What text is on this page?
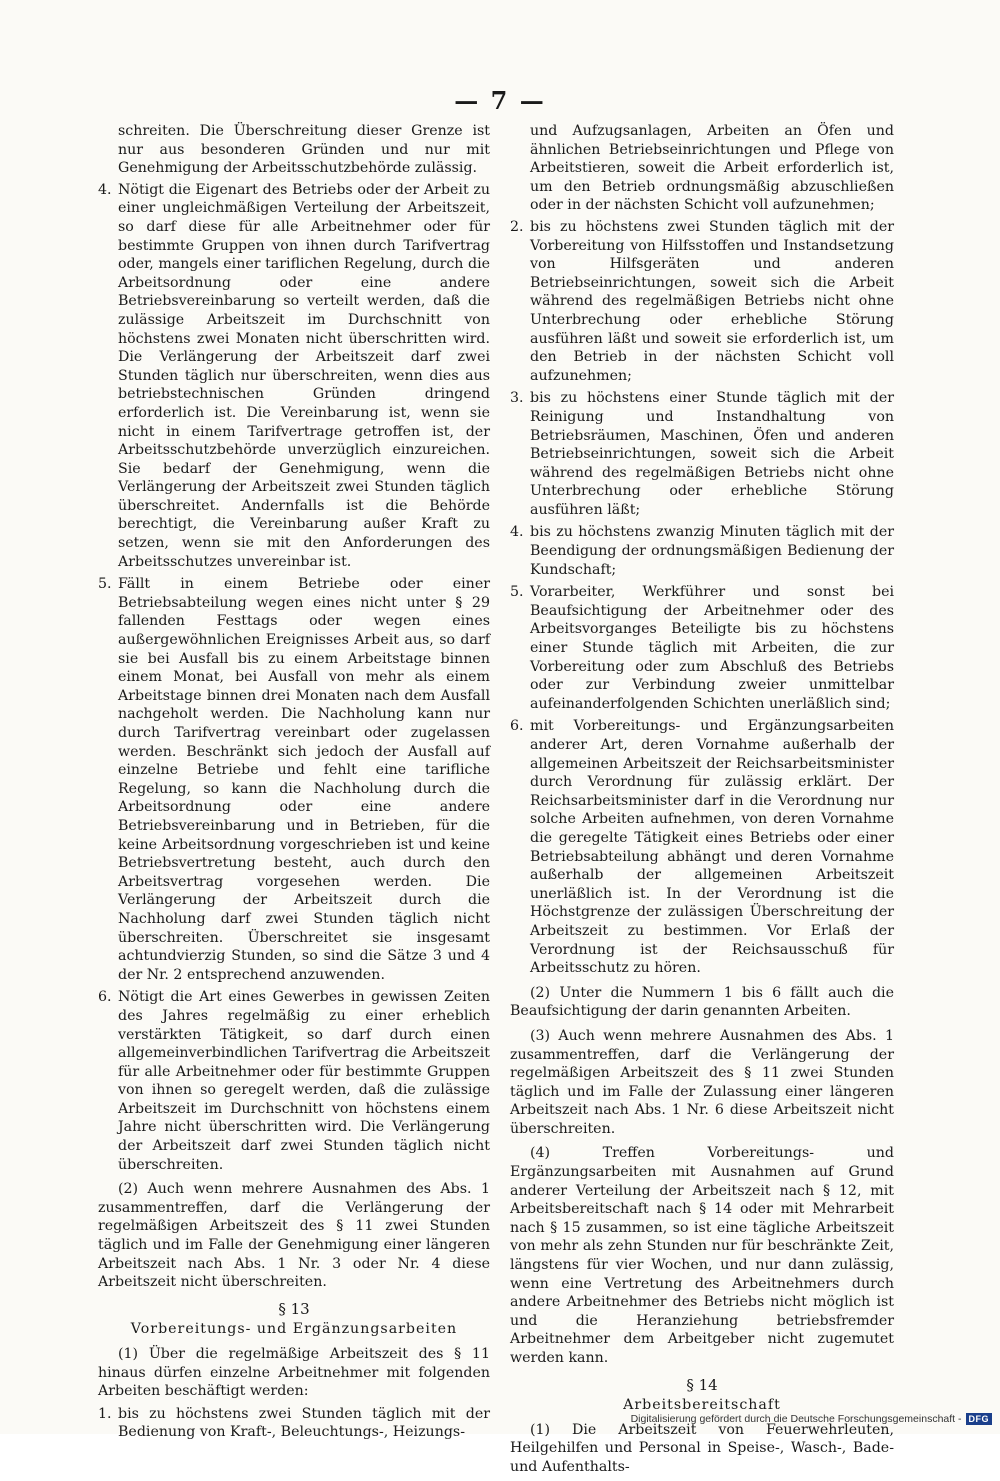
— 7 —

schreiten. Die Überschreitung dieser Grenze ist nur aus besonderen Gründen und nur mit Genehmigung der Arbeitsschutzbehörde zulässig.

4. Nötigt die Eigenart des Betriebs oder der Arbeit zu einer ungleichmäßigen Verteilung der Arbeitszeit, so darf diese für alle Arbeitnehmer oder für bestimmte Gruppen von ihnen durch Tarifvertrag oder, mangels einer tariflichen Regelung, durch die Arbeitsordnung oder eine andere Betriebsvereinbarung so verteilt werden, daß die zulässige Arbeitszeit im Durchschnitt von höchstens zwei Monaten nicht überschritten wird. Die Verlängerung der Arbeitszeit darf zwei Stunden täglich nur überschreiten, wenn dies aus betriebstechnischen Gründen dringend erforderlich ist. Die Vereinbarung ist, wenn sie nicht in einem Tarifvertrage getroffen ist, der Arbeitsschutzbehörde unverzüglich einzureichen. Sie bedarf der Genehmigung, wenn die Verlängerung der Arbeitszeit zwei Stunden täglich überschreitet. Andernfalls ist die Behörde berechtigt, die Vereinbarung außer Kraft zu setzen, wenn sie mit den Anforderungen des Arbeitsschutzes unvereinbar ist.
5. Fällt in einem Betriebe oder einer Betriebsabteilung wegen eines nicht unter § 29 fallenden Festtags oder wegen eines außergewöhnlichen Ereignisses Arbeit aus, so darf sie bei Ausfall bis zu einem Arbeitstage binnen einem Monat, bei Ausfall von mehr als einem Arbeitstage binnen drei Monaten nach dem Ausfall nachgeholt werden. Die Nachholung kann nur durch Tarifvertrag vereinbart oder zugelassen werden. Beschränkt sich jedoch der Ausfall auf einzelne Betriebe und fehlt eine tarifliche Regelung, so kann die Nachholung durch die Arbeitsordnung oder eine andere Betriebsvereinbarung und in Betrieben, für die keine Arbeitsordnung vorgeschrieben ist und keine Betriebsvertretung besteht, auch durch den Arbeitsvertrag vorgesehen werden. Die Verlängerung der Arbeitszeit durch die Nachholung darf zwei Stunden täglich nicht überschreiten. Überschreitet sie insgesamt achtundvierzig Stunden, so sind die Sätze 3 und 4 der Nr. 2 entsprechend anzuwenden.
6. Nötigt die Art eines Gewerbes in gewissen Zeiten des Jahres regelmäßig zu einer erheblich verstärkten Tätigkeit, so darf durch einen allgemeinverbindlichen Tarifvertrag die Arbeitszeit für alle Arbeitnehmer oder für bestimmte Gruppen von ihnen so geregelt werden, daß die zulässige Arbeitszeit im Durchschnitt von höchstens einem Jahre nicht überschritten wird. Die Verlängerung der Arbeitszeit darf zwei Stunden täglich nicht überschreiten.

(2) Auch wenn mehrere Ausnahmen des Abs. 1 zusammentreffen, darf die Verlängerung der regelmäßigen Arbeitszeit des § 11 zwei Stunden täglich und im Falle der Genehmigung einer längeren Arbeitszeit nach Abs. 1 Nr. 3 oder Nr. 4 diese Arbeitszeit nicht überschreiten.

§ 13
Vorbereitungs- und Ergänzungsarbeiten

(1) Über die regelmäßige Arbeitszeit des § 11 hinaus dürfen einzelne Arbeitnehmer mit folgenden Arbeiten beschäftigt werden:

1. bis zu höchstens zwei Stunden täglich mit der Bedienung von Kraft-, Beleuchtungs-, Heizungs-

und Aufzugsanlagen, Arbeiten an Öfen und ähnlichen Betriebseinrichtungen und Pflege von Arbeitstieren, soweit die Arbeit erforderlich ist, um den Betrieb ordnungsmäßig abzuschließen oder in der nächsten Schicht voll aufzunehmen;

2. bis zu höchstens zwei Stunden täglich mit der Vorbereitung von Hilfsstoffen und Instandsetzung von Hilfsgeräten und anderen Betriebseinrichtungen, soweit sich die Arbeit während des regelmäßigen Betriebs nicht ohne Unterbrechung oder erhebliche Störung ausführen läßt und soweit sie erforderlich ist, um den Betrieb in der nächsten Schicht voll aufzunehmen;
3. bis zu höchstens einer Stunde täglich mit der Reinigung und Instandhaltung von Betriebsräumen, Maschinen, Öfen und anderen Betriebseinrichtungen, soweit sich die Arbeit während des regelmäßigen Betriebs nicht ohne Unterbrechung oder erhebliche Störung ausführen läßt;
4. bis zu höchstens zwanzig Minuten täglich mit der Beendigung der ordnungsmäßigen Bedienung der Kundschaft;
5. Vorarbeiter, Werkführer und sonst bei Beaufsichtigung der Arbeitnehmer oder des Arbeitsvorganges Beteiligte bis zu höchstens einer Stunde täglich mit Arbeiten, die zur Vorbereitung oder zum Abschluß des Betriebs oder zur Verbindung zweier unmittelbar aufeinanderfolgenden Schichten unerläßlich sind;
6. mit Vorbereitungs- und Ergänzungsarbeiten anderer Art, deren Vornahme außerhalb der allgemeinen Arbeitszeit der Reichsarbeitsminister durch Verordnung für zulässig erklärt. Der Reichsarbeitsminister darf in die Verordnung nur solche Arbeiten aufnehmen, von deren Vornahme die geregelte Tätigkeit eines Betriebs oder einer Betriebsabteilung abhängt und deren Vornahme außerhalb der allgemeinen Arbeitszeit unerläßlich ist. In der Verordnung ist die Höchstgrenze der zulässigen Überschreitung der Arbeitszeit zu bestimmen. Vor Erlaß der Verordnung ist der Reichsausschuß für Arbeitsschutz zu hören.

(2) Unter die Nummern 1 bis 6 fällt auch die Beaufsichtigung der darin genannten Arbeiten.

(3) Auch wenn mehrere Ausnahmen des Abs. 1 zusammentreffen, darf die Verlängerung der regelmäßigen Arbeitszeit des § 11 zwei Stunden täglich und im Falle der Zulassung einer längeren Arbeitszeit nach Abs. 1 Nr. 6 diese Arbeitszeit nicht überschreiten.

(4) Treffen Vorbereitungs- und Ergänzungsarbeiten mit Ausnahmen auf Grund anderer Verteilung der Arbeitszeit nach § 12, mit Arbeitsbereitschaft nach § 14 oder mit Mehrarbeit nach § 15 zusammen, so ist eine tägliche Arbeitszeit von mehr als zehn Stunden nur für beschränkte Zeit, längstens für vier Wochen, und nur dann zulässig, wenn eine Vertretung des Arbeitnehmers durch andere Arbeitnehmer des Betriebs nicht möglich ist und die Heranziehung betriebsfremder Arbeitnehmer dem Arbeitgeber nicht zugemutet werden kann.

§ 14
Arbeitsbereitschaft

(1) Die Arbeitszeit von Feuerwehrleuten, Heilgehilfen und Personal in Speise-, Wasch-, Bade- und Aufenthalts-

Digitalisierung gefördert durch die Deutsche Forschungsgemeinschaft - DFG
